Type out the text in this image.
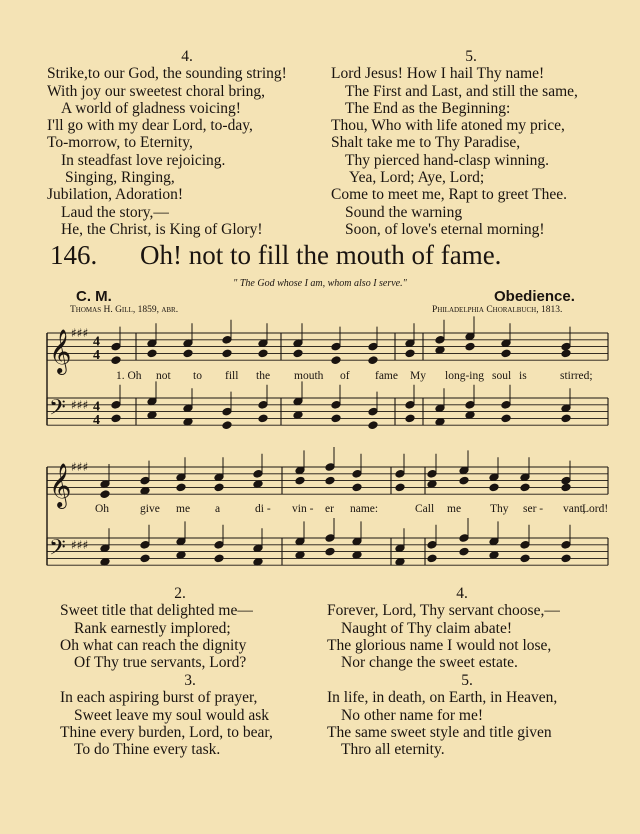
4.
Strike,to our God, the sounding string!
With joy our sweetest choral bring,
A world of gladness voicing!
I'll go with my dear Lord, to-day,
To-morrow, to Eternity,
In steadfast love rejoicing.
Singing, Ringing,
Jubilation, Adoration!
Laud the story,—
He, the Christ, is King of Glory!
5.
Lord Jesus! How I hail Thy name!
The First and Last, and still the same,
The End as the Beginning:
Thou, Who with life atoned my price,
Shalt take me to Thy Paradise,
Thy pierced hand-clasp winning.
Yea, Lord; Aye, Lord;
Come to meet me, Rapt to greet Thee.
Sound the warning
Soon, of love's eternal morning!
146. Oh! not to fill the mouth of fame.
" The God whose I am, whom also I serve."
C. M.	Obedience.
Thomas H. Gill, 1859, abr.	Philadelphia Choralbuch, 1813.
𝄞 ♯♯♯
𝄢 ♯♯♯
4
4
4
4
𝄞 ♯♯♯
𝄢 ♯♯♯
1. Oh not to fill the mouth of fame My long-ing soul is	stirred;
Oh	give me a	di - vin - er name:	Call me	Thy ser - vant,
Lord!
2.
Sweet title that delighted me—
Rank earnestly implored;
Oh what can reach the dignity
Of Thy true servants, Lord?
4.
Forever, Lord, Thy servant choose,—
Naught of Thy claim abate!
The glorious name I would not lose,
Nor change the sweet estate.
3.
In each aspiring burst of prayer,
Sweet leave my soul would ask
Thine every burden, Lord, to bear,
To do Thine every task.
5.
In life, in death, on Earth, in Heaven,
No other name for me!
The same sweet style and title given
Thro all eternity.
